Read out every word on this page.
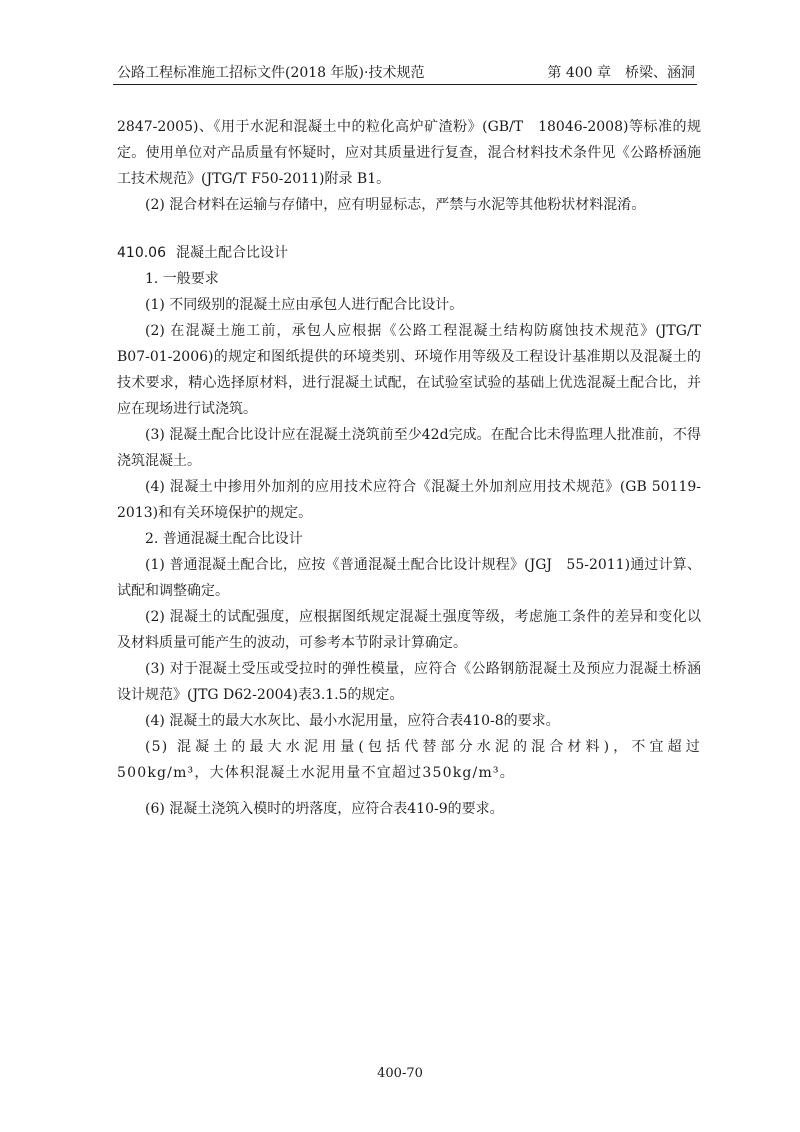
公路工程标准施工招标文件(2018 年版)·技术规范	第 400 章　桥梁、涵洞

2847-2005)、《用于水泥和混凝土中的粒化高炉矿渣粉》(GB/T　18046-2008)等标准的规定。使用单位对产品质量有怀疑时，应对其质量进行复查，混合材料技术条件见《公路桥涵施工技术规范》(JTG/T F50-2011)附录 B1。

(2) 混合材料在运输与存储中，应有明显标志，严禁与水泥等其他粉状材料混淆。

410.06 混凝土配合比设计

1. 一般要求

(1) 不同级别的混凝土应由承包人进行配合比设计。

(2) 在混凝土施工前，承包人应根据《公路工程混凝土结构防腐蚀技术规范》(JTG/T　B07-01-2006)的规定和图纸提供的环境类别、环境作用等级及工程设计基准期以及混凝土的技术要求，精心选择原材料，进行混凝土试配，在试验室试验的基础上优选混凝土配合比，并应在现场进行试浇筑。

(3) 混凝土配合比设计应在混凝土浇筑前至少42d完成。在配合比未得监理人批准前，不得浇筑混凝土。

(4) 混凝土中掺用外加剂的应用技术应符合《混凝土外加剂应用技术规范》(GB 50119-2013)和有关环境保护的规定。

2. 普通混凝土配合比设计

(1) 普通混凝土配合比，应按《普通混凝土配合比设计规程》(JGJ　55-2011)通过计算、试配和调整确定。

(2) 混凝土的试配强度，应根据图纸规定混凝土强度等级，考虑施工条件的差异和变化以及材料质量可能产生的波动，可参考本节附录计算确定。

(3) 对于混凝土受压或受拉时的弹性模量，应符合《公路钢筋混凝土及预应力混凝土桥涵设计规范》(JTG D62-2004)表3.1.5的规定。

(4) 混凝土的最大水灰比、最小水泥用量，应符合表410-8的要求。

(5) 混凝土的最大水泥用量(包括代替部分水泥的混合材料)，不宜超过500kg/m³，大体积混凝土水泥用量不宜超过350kg/m³。

(6) 混凝土浇筑入模时的坍落度，应符合表410-9的要求。

400-70
